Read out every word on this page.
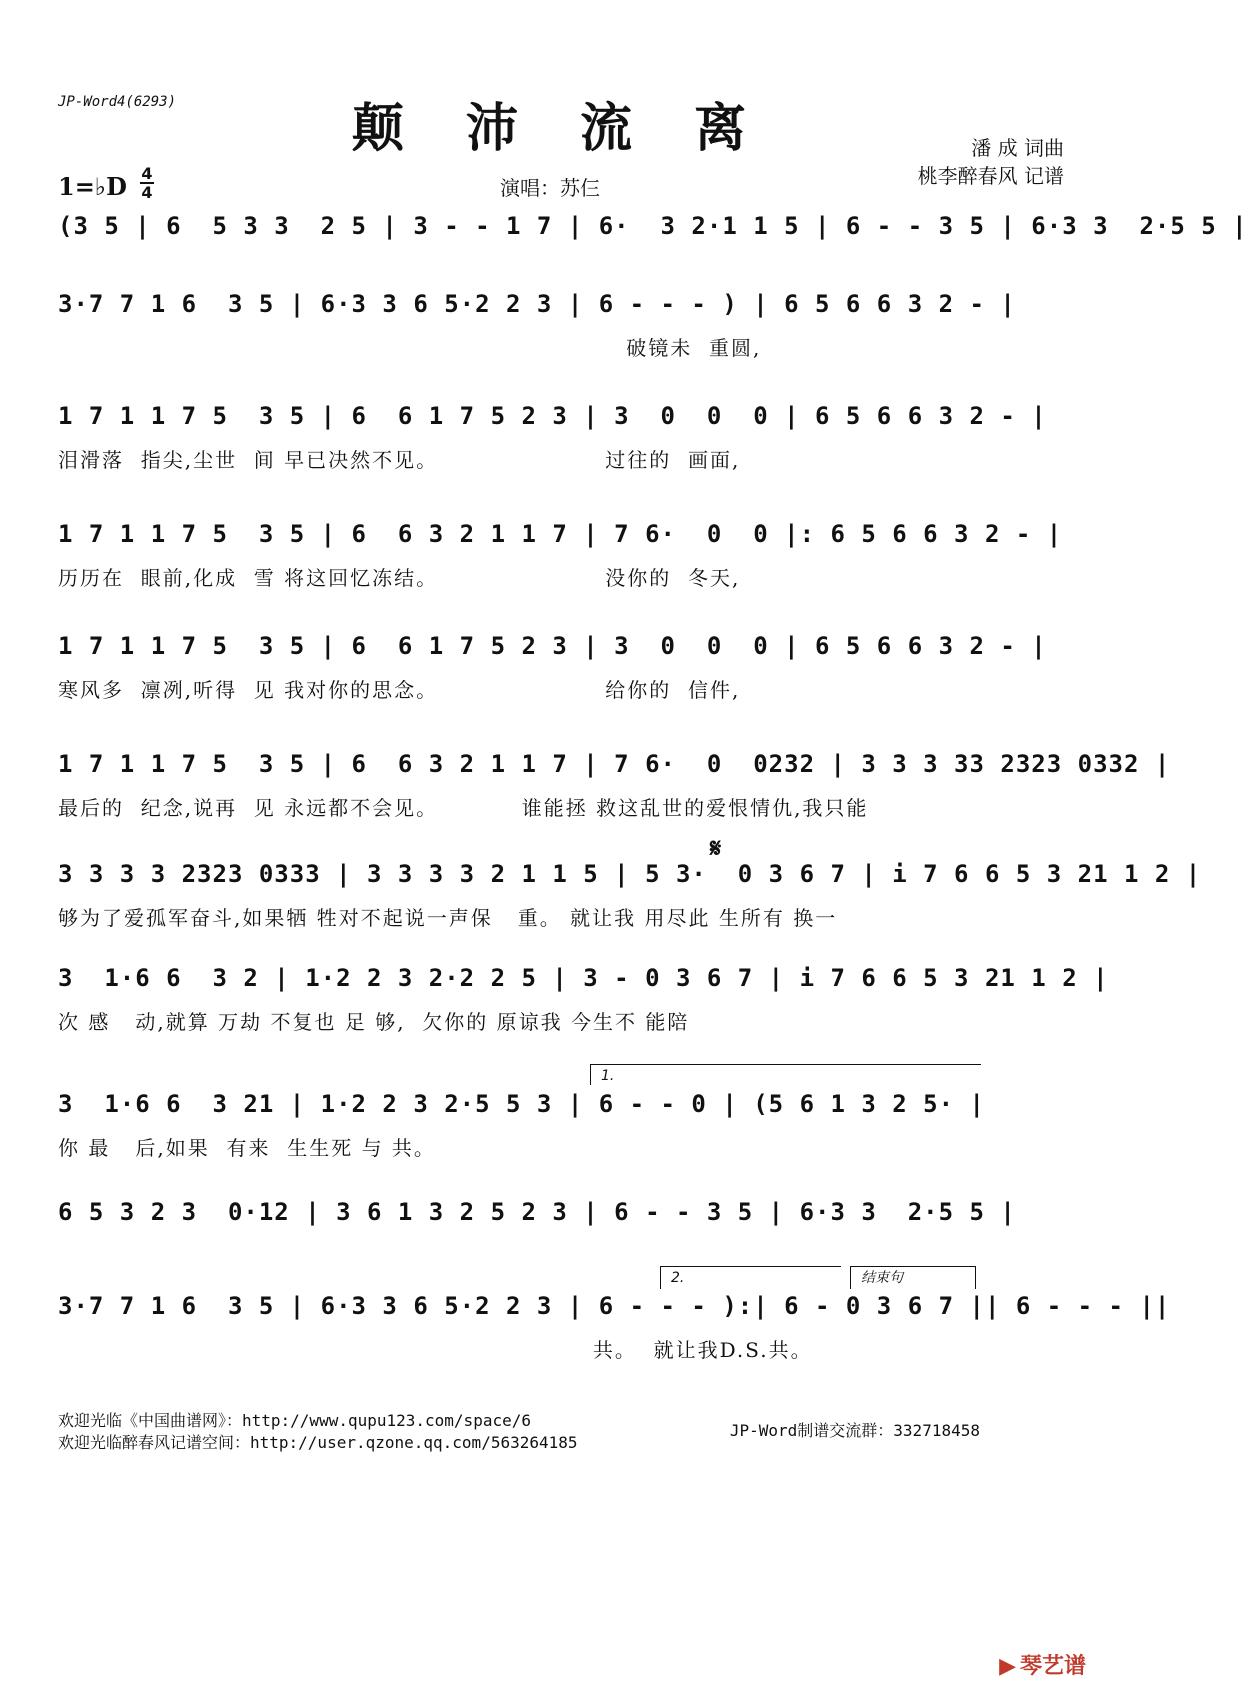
JP-Word4(6293)	颠 沛 流 离
1=♭D 4
4	演唱：苏仨
潘 成 词曲
桃李醉春风 记谱
(3 5 | 6  5 3 3  2 5 | 3 - - 1 7 | 6·  3 2·1 1 5 | 6 - - 3 5 | 6·3 3  2·5 5 |
3·7 7 1 6  3 5 | 6·3 3 6 5·2 2 3 | 6 - - - ) | 6 5 6 6 3 2 - |
破镜未  重圆,
1 7 1 1 7 5  3 5 | 6  6 1 7 5 2 3 | 3  0  0  0 | 6 5 6 6 3 2 - |
泪滑落  指尖,尘世  间 早已决然不见。                    过往的  画面,
1 7 1 1 7 5  3 5 | 6  6 3 2 1 1 7 | 7 6·  0  0 |: 6 5 6 6 3 2 - |
历历在  眼前,化成  雪 将这回忆冻结。                    没你的  冬天,
1 7 1 1 7 5  3 5 | 6  6 1 7 5 2 3 | 3  0  0  0 | 6 5 6 6 3 2 - |
寒风多  凛冽,听得  见 我对你的思念。                    给你的  信件,
1 7 1 1 7 5  3 5 | 6  6 3 2 1 1 7 | 7 6·  0  0232 | 3 3 3 33 2323 0332 |
最后的  纪念,说再  见 永远都不会见。          谁能拯 救这乱世的爱恨情仇,我只能
𝄋
3 3 3 3 2323 0333 | 3 3 3 3 2 1 1 5 | 5 3·  0 3 6 7 | i 7 6 6 5 3 21 1 2 |
够为了爱孤军奋斗,如果牺 牲对不起说一声保   重。 就让我 用尽此 生所有 换一
3  1·6 6  3 2 | 1·2 2 3 2·2 2 5 | 3 - 0 3 6 7 | i 7 6 6 5 3 21 1 2 |
次 感   动,就算 万劫 不复也 足 够,  欠你的 原谅我 今生不 能陪
1.
3  1·6 6  3 21 | 1·2 2 3 2·5 5 3 | 6 - - 0 | (5 6 1 3 2 5· |
你 最   后,如果  有来  生生死 与 共。
6 5 3 2 3  0·12 | 3 6 1 3 2 5 2 3 | 6 - - 3 5 | 6·3 3  2·5 5 |
2.	结束句
3·7 7 1 6  3 5 | 6·3 3 6 5·2 2 3 | 6 - - - ):| 6 - 0 3 6 7 || 6 - - - ||
共。  就让我D.S.共。
欢迎光临《中国曲谱网》：http://www.qupu123.com/space/6
欢迎光临醉春风记谱空间：http://user.qzone.qq.com/563264185
JP-Word制谱交流群：332718458
▶ 琴艺谱
